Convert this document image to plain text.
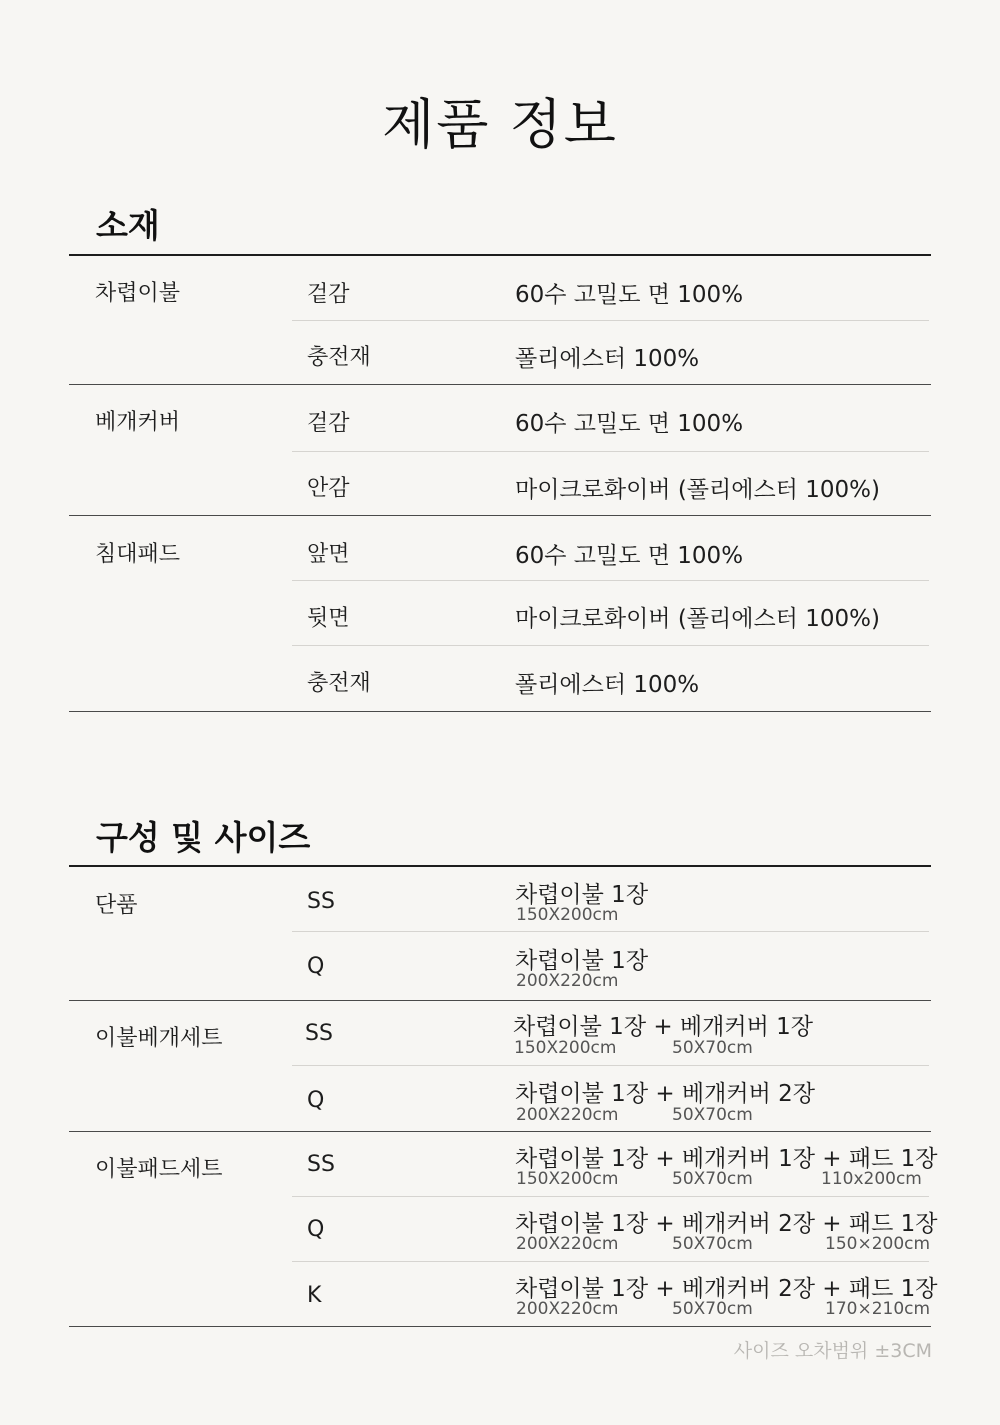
제품 정보
소재
차렵이불	겉감	60수 고밀도 면 100%
충전재	폴리에스터 100%
베개커버	겉감	60수 고밀도 면 100%
안감	마이크로화이버 (폴리에스터 100%)
침대패드	앞면	60수 고밀도 면 100%
뒷면	마이크로화이버 (폴리에스터 100%)
충전재	폴리에스터 100%
구성 및 사이즈
단품	SS	차렵이불 1장
150X200cm
Q	차렵이불 1장
200X220cm
이불베개세트	SS	차렵이불 1장 + 베개커버 1장
150X200cm	50X70cm
Q	차렵이불 1장 + 베개커버 2장
200X220cm	50X70cm
이불패드세트	SS	차렵이불 1장 + 베개커버 1장 + 패드 1장
150X200cm	50X70cm	110x200cm
Q	차렵이불 1장 + 베개커버 2장 + 패드 1장
200X220cm	50X70cm	150×200cm
K	차렵이불 1장 + 베개커버 2장 + 패드 1장
200X220cm	50X70cm	170×210cm
사이즈 오차범위 ±3CM
